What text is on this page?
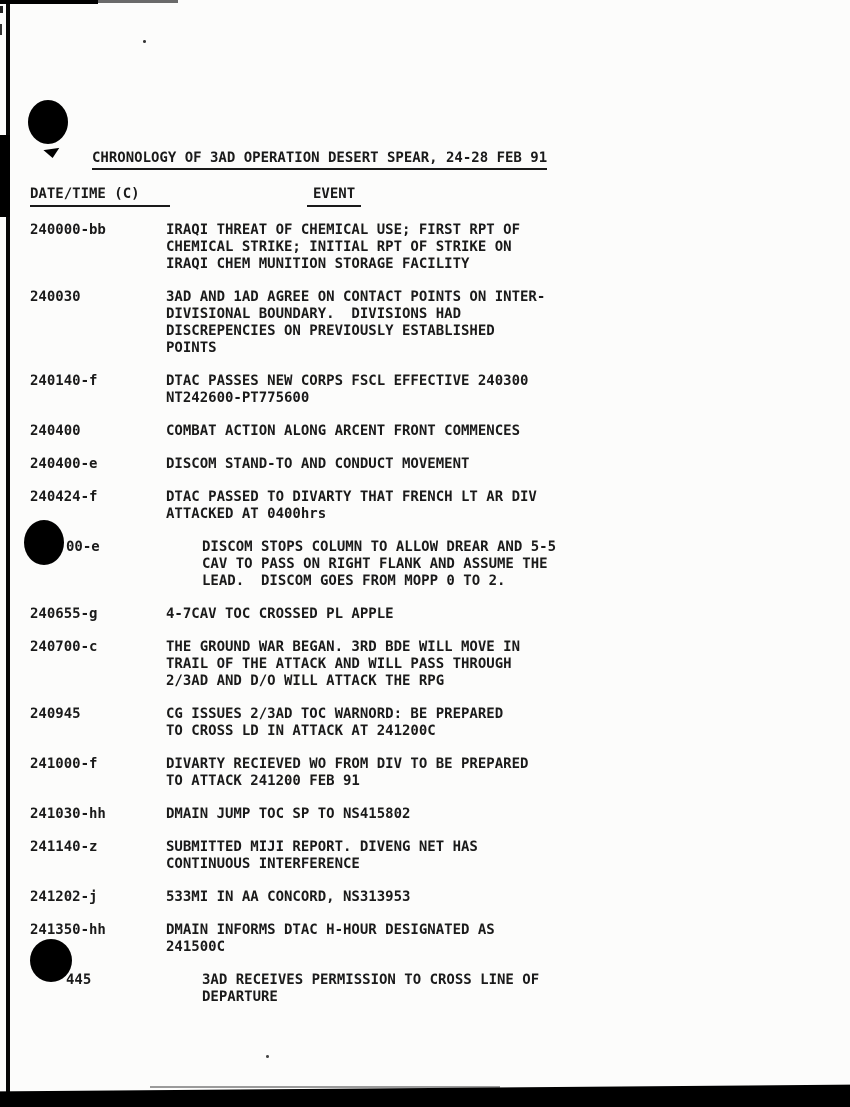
CHRONOLOGY OF 3AD OPERATION DESERT SPEAR, 24-28 FEB 91
DATE/TIME (C)	EVENT
240000-bb	IRAQI THREAT OF CHEMICAL USE; FIRST RPT OF
CHEMICAL STRIKE; INITIAL RPT OF STRIKE ON
IRAQI CHEM MUNITION STORAGE FACILITY
240030	3AD AND 1AD AGREE ON CONTACT POINTS ON INTER-
DIVISIONAL BOUNDARY.  DIVISIONS HAD
DISCREPENCIES ON PREVIOUSLY ESTABLISHED
POINTS
240140-f	DTAC PASSES NEW CORPS FSCL EFFECTIVE 240300
NT242600-PT775600
240400	COMBAT ACTION ALONG ARCENT FRONT COMMENCES
240400-e	DISCOM STAND-TO AND CONDUCT MOVEMENT
240424-f	DTAC PASSED TO DIVARTY THAT FRENCH LT AR DIV
ATTACKED AT 0400hrs
00-e	DISCOM STOPS COLUMN TO ALLOW DREAR AND 5-5
CAV TO PASS ON RIGHT FLANK AND ASSUME THE
LEAD.  DISCOM GOES FROM MOPP 0 TO 2.
240655-g	4-7CAV TOC CROSSED PL APPLE
240700-c	THE GROUND WAR BEGAN. 3RD BDE WILL MOVE IN
TRAIL OF THE ATTACK AND WILL PASS THROUGH
2/3AD AND D/O WILL ATTACK THE RPG
240945	CG ISSUES 2/3AD TOC WARNORD: BE PREPARED
TO CROSS LD IN ATTACK AT 241200C
241000-f	DIVARTY RECIEVED WO FROM DIV TO BE PREPARED
TO ATTACK 241200 FEB 91
241030-hh	DMAIN JUMP TOC SP TO NS415802
241140-z	SUBMITTED MIJI REPORT. DIVENG NET HAS
CONTINUOUS INTERFERENCE
241202-j	533MI IN AA CONCORD, NS313953
241350-hh	DMAIN INFORMS DTAC H-HOUR DESIGNATED AS
241500C
445	3AD RECEIVES PERMISSION TO CROSS LINE OF
DEPARTURE
